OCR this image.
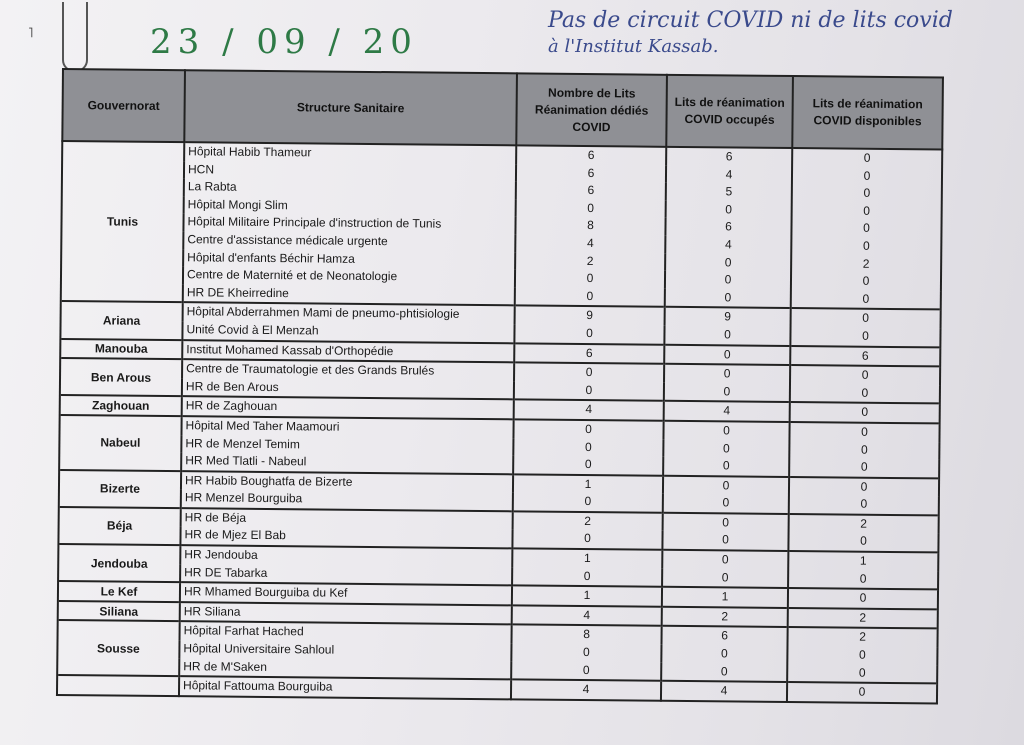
˥	23 / 09 / 20
Pas de circuit COVID ni de lits covid
à l'Institut Kassab.
Gouvernorat	Structure Sanitaire	Nombre de Lits Réanimation dédiés COVID	Lits de réanimation COVID occupés	Lits de réanimation COVID disponibles
Tunis	Hôpital Habib Thameur	6	6	0
	HCN	6	4	0
	La Rabta	6	5	0
	Hôpital Mongi Slim	0	0	0
	Hôpital Militaire Principale d'instruction de Tunis	8	6	0
	Centre d'assistance médicale urgente	4	4	0
	Hôpital d'enfants Béchir Hamza	2	0	2
	Centre de Maternité et de Neonatologie	0	0	0
	HR DE Kheirredine	0	0	0
Ariana	Hôpital Abderrahmen Mami de pneumo-phtisiologie	9	9	0
	Unité Covid à El Menzah	0	0	0
Manouba	Institut Mohamed Kassab d'Orthopédie	6	0	6
Ben Arous	Centre de Traumatologie et des Grands Brulés	0	0	0
	HR de Ben Arous	0	0	0
Zaghouan	HR de Zaghouan	4	4	0
Nabeul	Hôpital Med Taher Maamouri	0	0	0
	HR de Menzel Temim	0	0	0
	HR Med Tlatli - Nabeul	0	0	0
Bizerte	HR Habib Boughatfa de Bizerte	1	0	0
	HR Menzel Bourguiba	0	0	0
Béja	HR de Béja	2	0	2
	HR de Mjez El Bab	0	0	0
Jendouba	HR Jendouba	1	0	1
	HR DE Tabarka	0	0	0
Le Kef	HR Mhamed Bourguiba du Kef	1	1	0
Siliana	HR Siliana	4	2	2
Sousse	Hôpital Farhat Hached	8	6	2
	Hôpital Universitaire Sahloul	0	0	0
	HR de M'Saken	0	0	0
	Hôpital Fattouma Bourguiba	4	4	0
